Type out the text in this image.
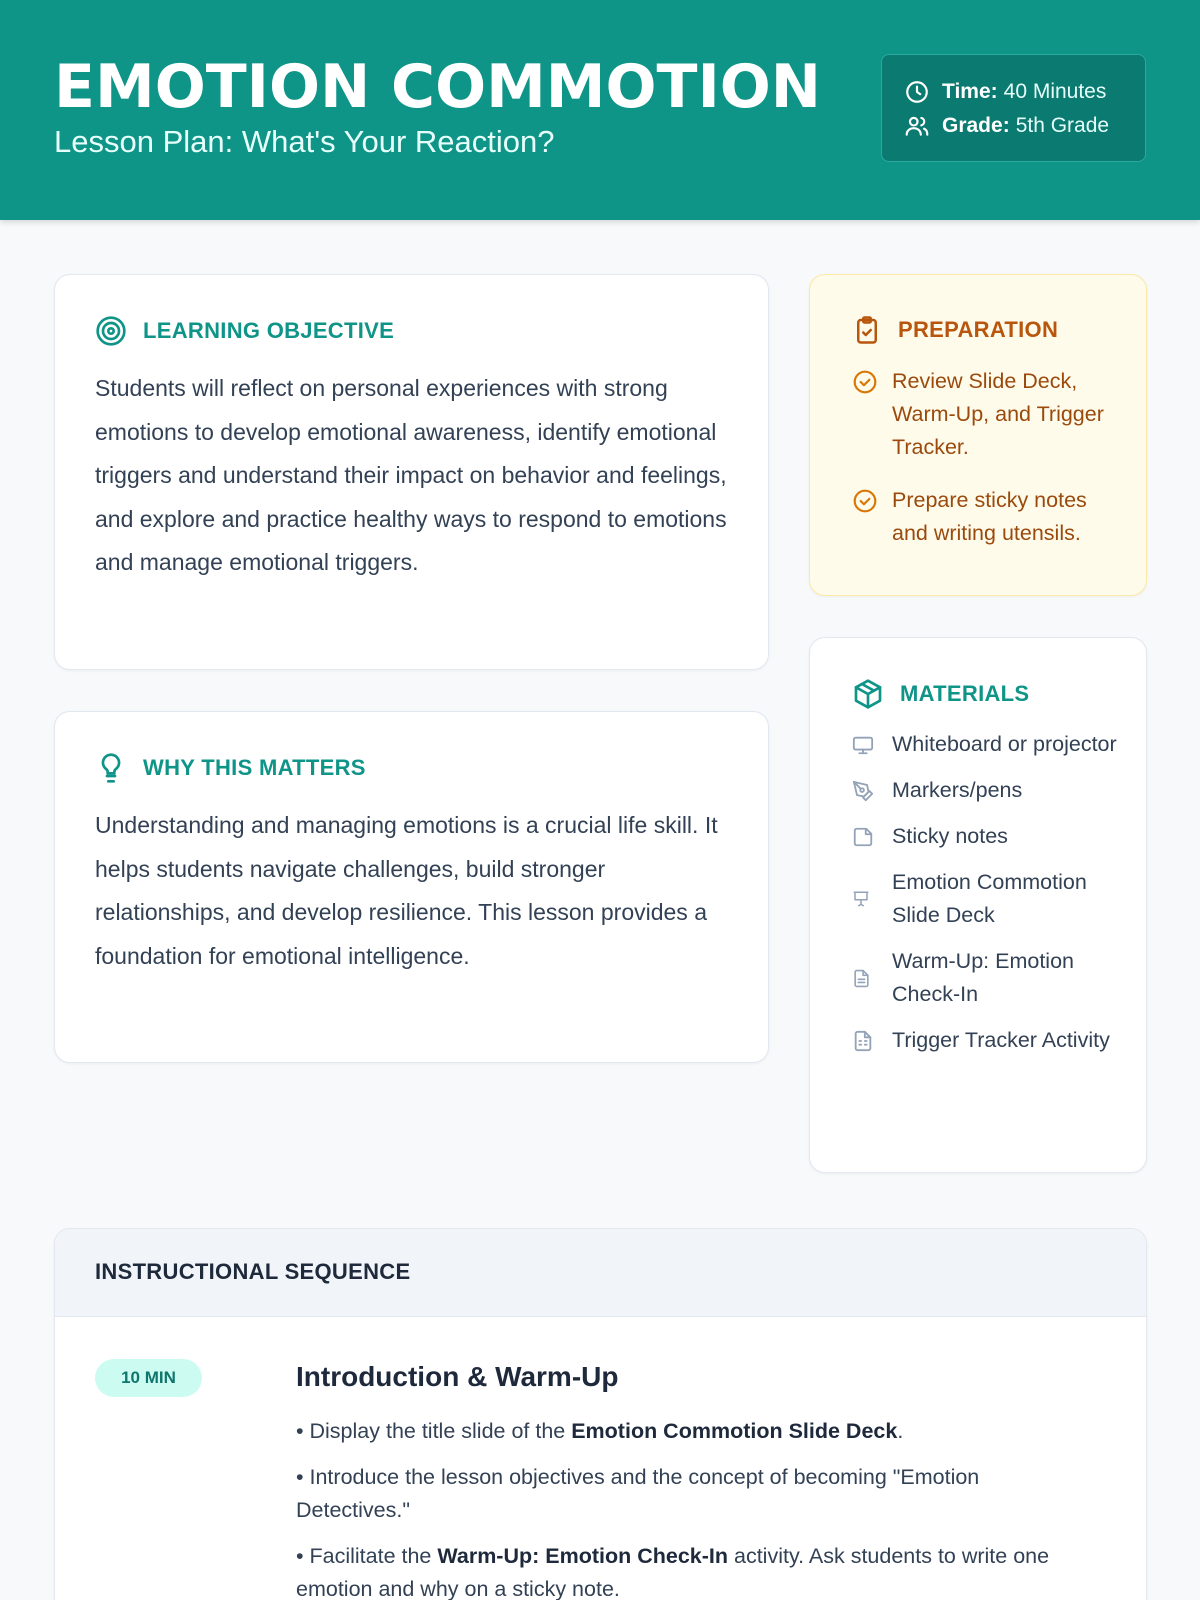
EMOTION COMMOTION
Lesson Plan: What's Your Reaction?
Time: 40 Minutes
Grade: 5th Grade
LEARNING OBJECTIVE
Students will reflect on personal experiences with strong emotions to develop emotional awareness, identify emotional triggers and understand their impact on behavior and feelings, and explore and practice healthy ways to respond to emotions and manage emotional triggers.
WHY THIS MATTERS
Understanding and managing emotions is a crucial life skill. It helps students navigate challenges, build stronger relationships, and develop resilience. This lesson provides a foundation for emotional intelligence.
PREPARATION
Review Slide Deck, Warm-Up, and Trigger Tracker.
Prepare sticky notes and writing utensils.
MATERIALS
Whiteboard or projector
Markers/pens
Sticky notes
Emotion Commotion Slide Deck
Warm-Up: Emotion Check-In
Trigger Tracker Activity
INSTRUCTIONAL SEQUENCE
10 MIN	Introduction & Warm-Up
• Display the title slide of the Emotion Commotion Slide Deck.
• Introduce the lesson objectives and the concept of becoming "Emotion Detectives."
• Facilitate the Warm-Up: Emotion Check-In activity. Ask students to write one emotion and why on a sticky note.
